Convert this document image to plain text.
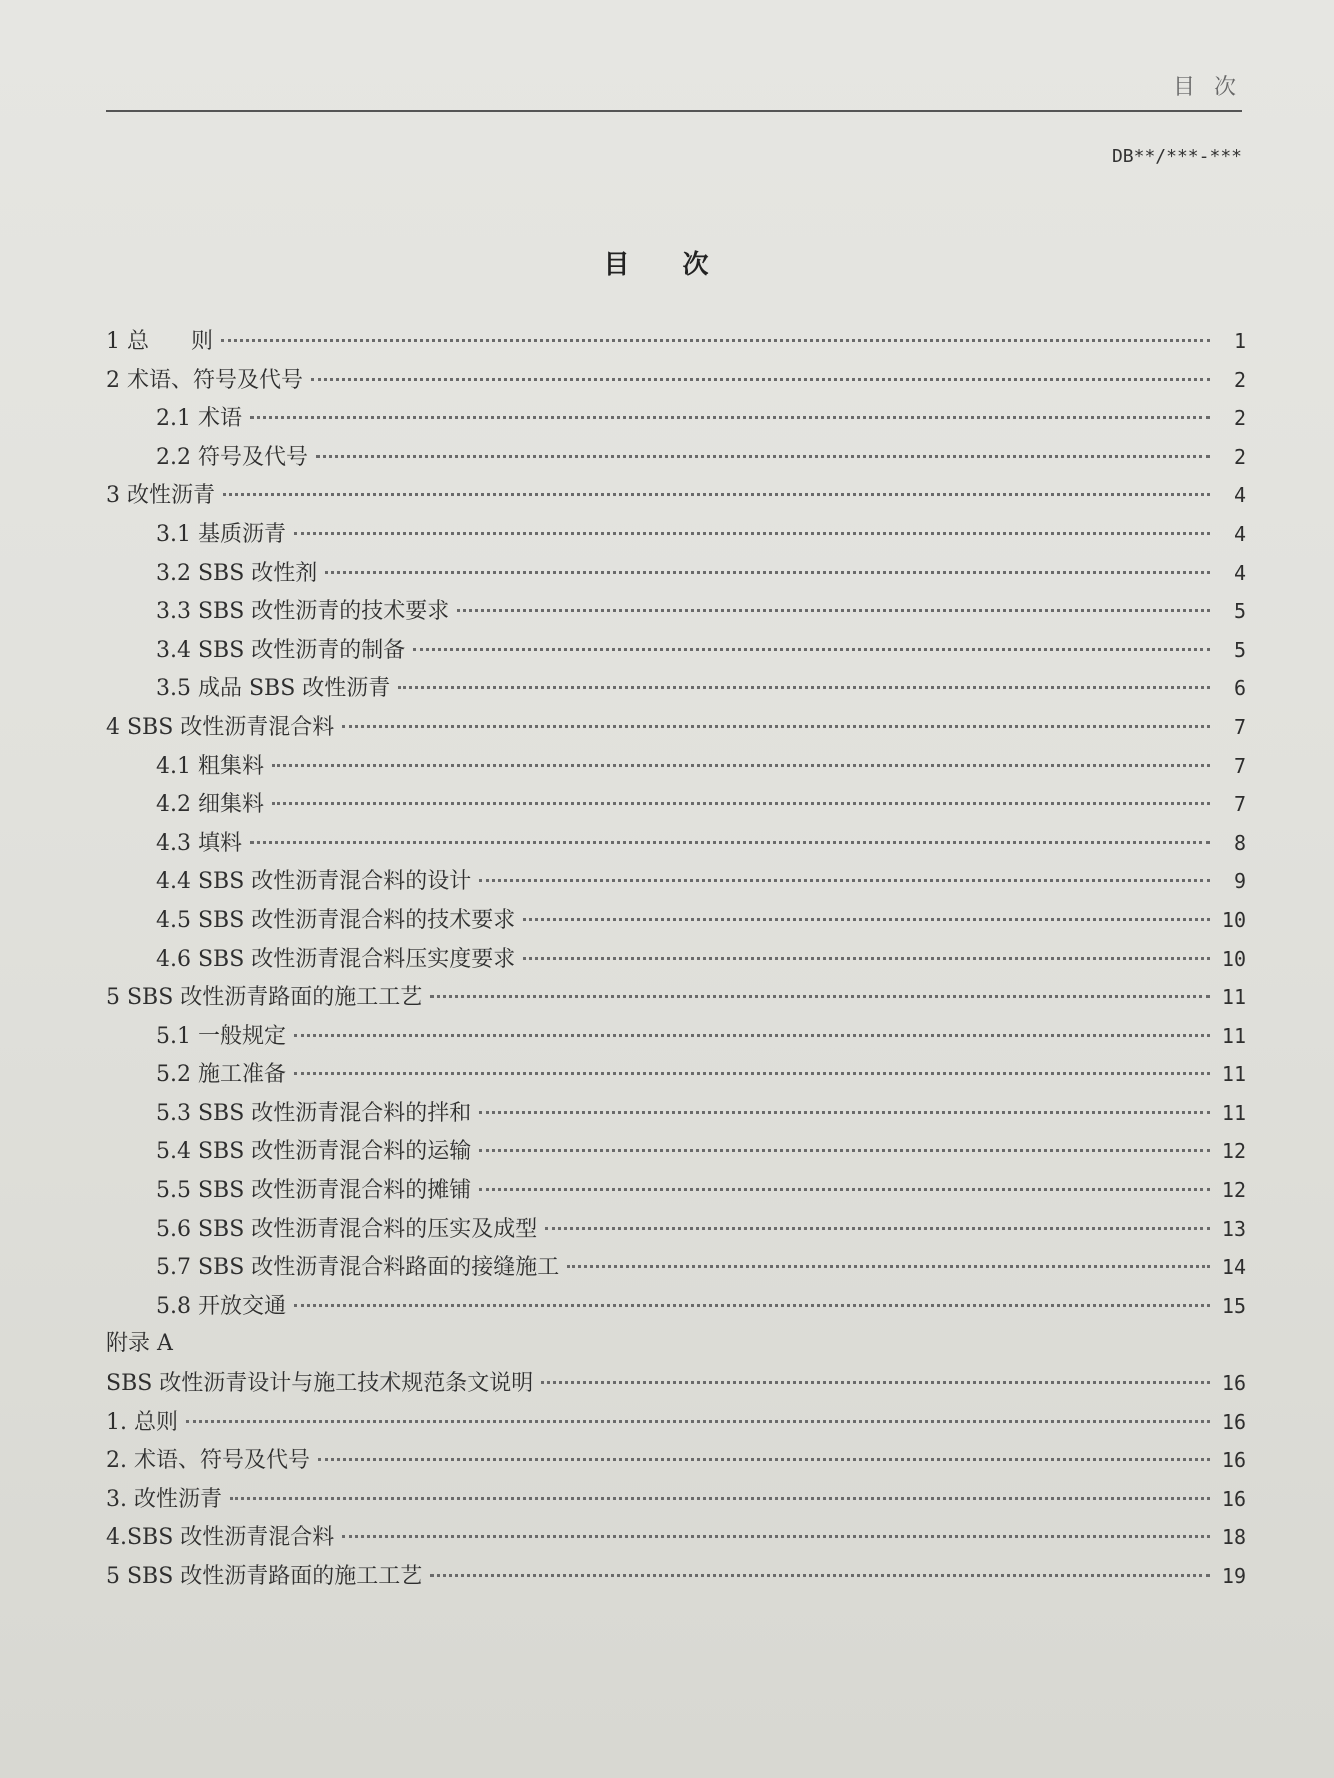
目 次
DB**/***-***
目 次
1 总      则	1
2 术语、符号及代号	2
2.1 术语	2
2.2 符号及代号	2
3 改性沥青	4
3.1 基质沥青	4
3.2 SBS 改性剂	4
3.3 SBS 改性沥青的技术要求	5
3.4 SBS 改性沥青的制备	5
3.5 成品 SBS 改性沥青	6
4 SBS 改性沥青混合料	7
4.1 粗集料	7
4.2 细集料	7
4.3 填料	8
4.4 SBS 改性沥青混合料的设计	9
4.5 SBS 改性沥青混合料的技术要求	10
4.6 SBS 改性沥青混合料压实度要求	10
5 SBS 改性沥青路面的施工工艺	11
5.1 一般规定	11
5.2 施工准备	11
5.3 SBS 改性沥青混合料的拌和	11
5.4 SBS 改性沥青混合料的运输	12
5.5 SBS 改性沥青混合料的摊铺	12
5.6 SBS 改性沥青混合料的压实及成型	13
5.7 SBS 改性沥青混合料路面的接缝施工	14
5.8 开放交通	15
附录 A
SBS 改性沥青设计与施工技术规范条文说明	16
1. 总则	16
2. 术语、符号及代号	16
3. 改性沥青	16
4.SBS 改性沥青混合料	18
5 SBS 改性沥青路面的施工工艺	19
